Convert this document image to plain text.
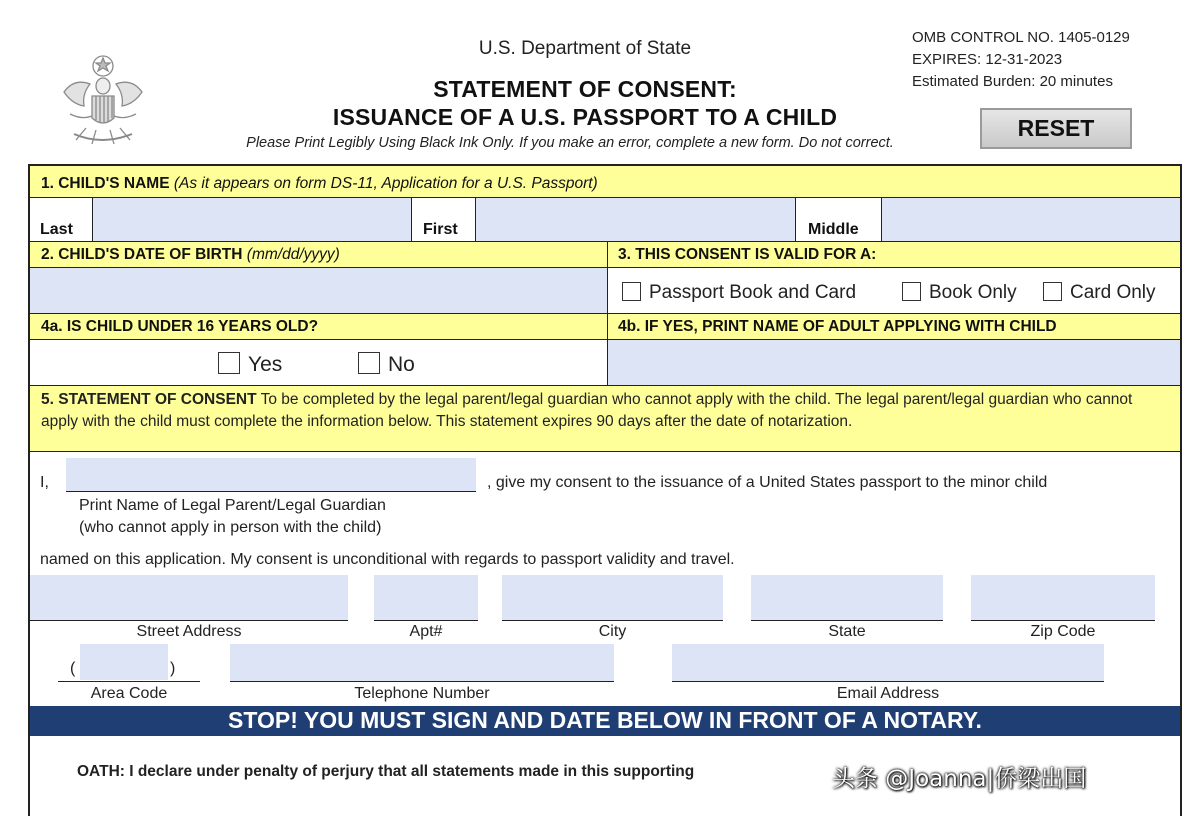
U.S. Department of State
STATEMENT OF CONSENT:
ISSUANCE OF A U.S. PASSPORT TO A CHILD
Please Print Legibly Using Black Ink Only. If you make an error, complete a new form. Do not correct.
OMB CONTROL NO. 1405-0129
EXPIRES: 12-31-2023
Estimated Burden: 20 minutes
RESET
1. CHILD'S NAME (As it appears on form DS-11, Application for a U.S. Passport)
Last	First	Middle
2. CHILD'S DATE OF BIRTH (mm/dd/yyyy)	3. THIS CONSENT IS VALID FOR A:
Passport Book and Card	Book Only	Card Only
4a. IS CHILD UNDER 16 YEARS OLD?	4b. IF YES, PRINT NAME OF ADULT APPLYING WITH CHILD
Yes	No
5. STATEMENT OF CONSENT To be completed by the legal parent/legal guardian who cannot apply with the child. The legal parent/legal guardian who cannot apply with the child must complete the information below. This statement expires 90 days after the date of notarization.
I,	, give my consent to the issuance of a United States passport to the minor child
Print Name of Legal Parent/Legal Guardian
(who cannot apply in person with the child)
named on this application. My consent is unconditional with regards to passport validity and travel.
Street Address	Apt#	City	State	Zip Code
(	)
Area Code	Telephone Number	Email Address
STOP! YOU MUST SIGN AND DATE BELOW IN FRONT OF A NOTARY.
OATH: I declare under penalty of perjury that all statements made in this supporting	头条 @Joanna|侨梁出国
